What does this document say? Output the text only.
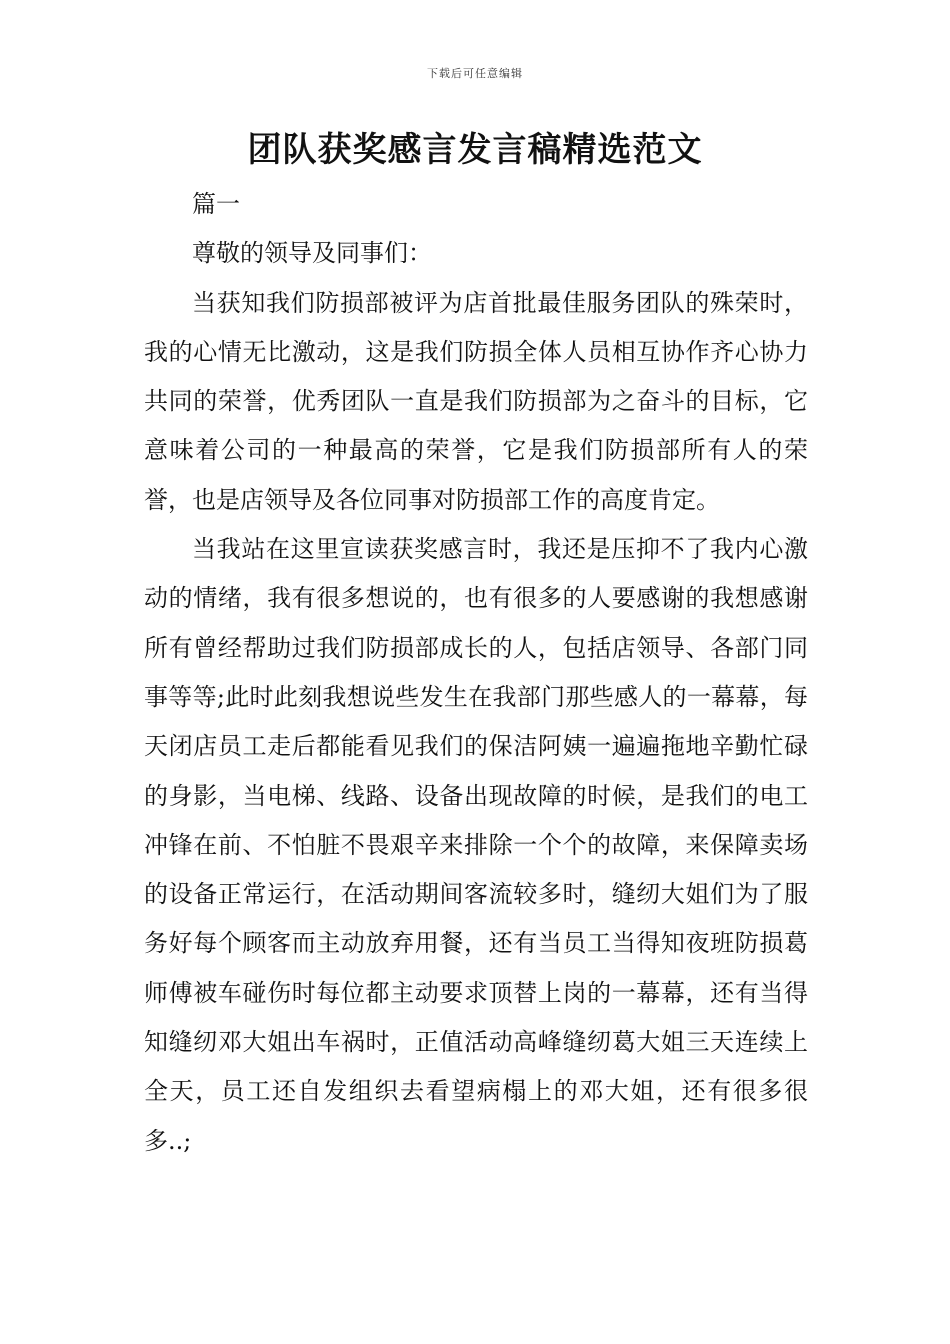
下载后可任意编辑
团队获奖感言发言稿精选范文

篇一

尊敬的领导及同事们：

当获知我们防损部被评为店首批最佳服务团队的殊荣时，我的心情无比激动，这是我们防损全体人员相互协作齐心协力共同的荣誉，优秀团队一直是我们防损部为之奋斗的目标，它意味着公司的一种最高的荣誉，它是我们防损部所有人的荣誉，也是店领导及各位同事对防损部工作的高度肯定。

当我站在这里宣读获奖感言时，我还是压抑不了我内心激动的情绪，我有很多想说的，也有很多的人要感谢的我想感谢所有曾经帮助过我们防损部成长的人，包括店领导、各部门同事等等;此时此刻我想说些发生在我部门那些感人的一幕幕，每天闭店员工走后都能看见我们的保洁阿姨一遍遍拖地辛勤忙碌的身影，当电梯、线路、设备出现故障的时候，是我们的电工冲锋在前、不怕脏不畏艰辛来排除一个个的故障，来保障卖场的设备正常运行，在活动期间客流较多时，缝纫大姐们为了服务好每个顾客而主动放弃用餐，还有当员工当得知夜班防损葛师傅被车碰伤时每位都主动要求顶替上岗的一幕幕，还有当得知缝纫邓大姐出车祸时，正值活动高峰缝纫葛大姐三天连续上全天，员工还自发组织去看望病榻上的邓大姐，还有很多很多..;
